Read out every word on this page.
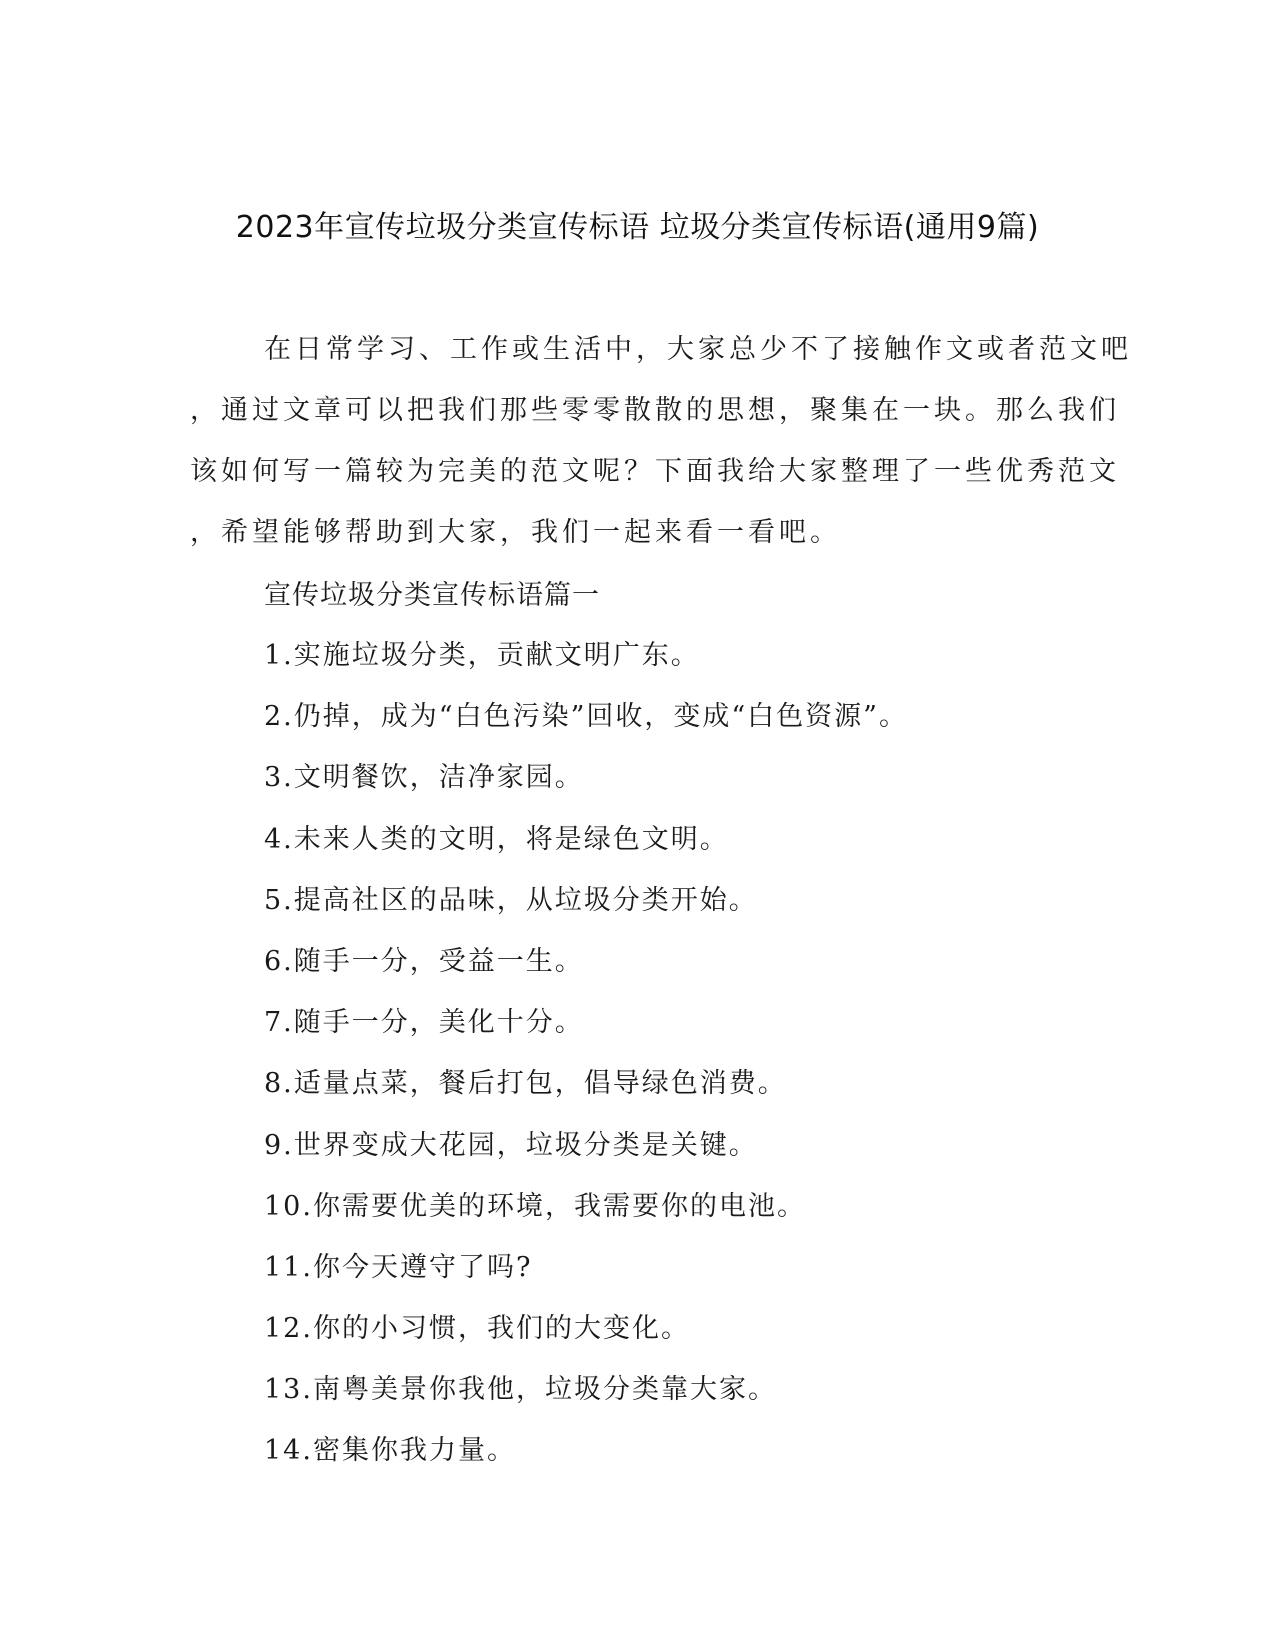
2023年宣传垃圾分类宣传标语 垃圾分类宣传标语(通用9篇)
在日常学习、工作或生活中，大家总少不了接触作文或者范文吧
，通过文章可以把我们那些零零散散的思想，聚集在一块。那么我们
该如何写一篇较为完美的范文呢？下面我给大家整理了一些优秀范文
，希望能够帮助到大家，我们一起来看一看吧。
宣传垃圾分类宣传标语篇一
1.实施垃圾分类，贡献文明广东。
2.仍掉，成为“白色污染”回收，变成“白色资源”。
3.文明餐饮，洁净家园。
4.未来人类的文明，将是绿色文明。
5.提高社区的品味，从垃圾分类开始。
6.随手一分，受益一生。
7.随手一分，美化十分。
8.适量点菜，餐后打包，倡导绿色消费。
9.世界变成大花园，垃圾分类是关键。
10.你需要优美的环境，我需要你的电池。
11.你今天遵守了吗?
12.你的小习惯，我们的大变化。
13.南粤美景你我他，垃圾分类靠大家。
14.密集你我力量。
